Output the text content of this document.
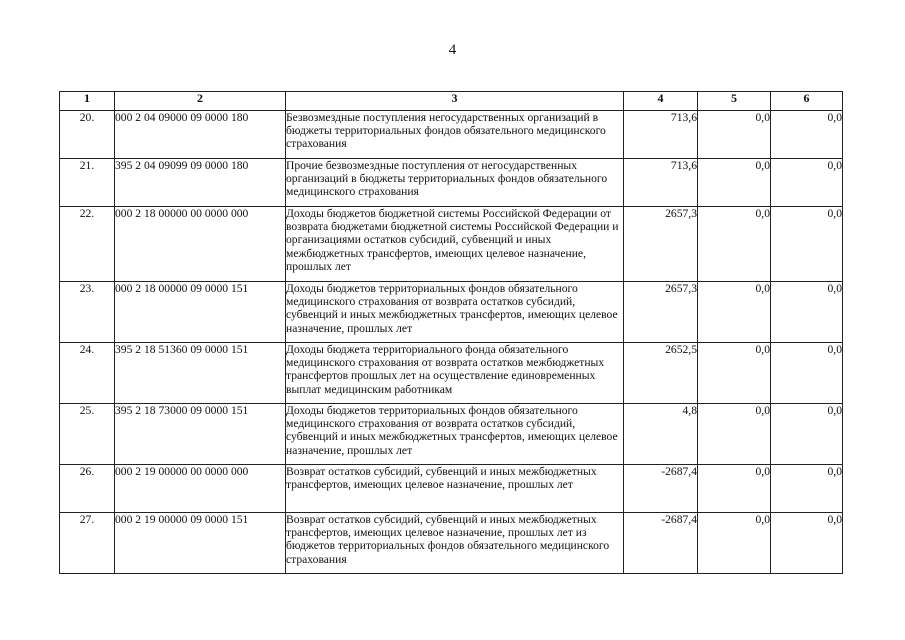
4
1	2	3	4	5	6
20.	000 2 04 09000 09 0000 180	Безвозмездные поступления негосударственных организаций в бюджеты территориальных фондов обязательного медицинского страхования	713,6	0,0	0,0
21.	395 2 04 09099 09 0000 180	Прочие безвозмездные поступления от негосударственных организаций в бюджеты территориальных фондов обязательного медицинского страхования	713,6	0,0	0,0
22.	000 2 18 00000 00 0000 000	Доходы бюджетов бюджетной системы Российской Федерации от возврата бюджетами бюджетной системы Российской Федерации и организациями остатков субсидий, субвенций и иных межбюджетных трансфертов, имеющих целевое назначение, прошлых лет	2657,3	0,0	0,0
23.	000 2 18 00000 09 0000 151	Доходы бюджетов территориальных фондов обязательного медицинского страхования от возврата остатков субсидий, субвенций и иных межбюджетных трансфертов, имеющих целевое назначение, прошлых лет	2657,3	0,0	0,0
24.	395 2 18 51360 09 0000 151	Доходы бюджета территориального фонда обязательного медицинского страхования от возврата остатков межбюджетных трансфертов прошлых лет на осуществление единовременных выплат медицинским работникам	2652,5	0,0	0,0
25.	395 2 18 73000 09 0000 151	Доходы бюджетов территориальных фондов обязательного медицинского страхования от возврата остатков субсидий, субвенций и иных межбюджетных трансфертов, имеющих целевое назначение, прошлых лет	4,8	0,0	0,0
26.	000 2 19 00000 00 0000 000	Возврат остатков субсидий, субвенций и иных межбюджетных трансфертов, имеющих целевое назначение, прошлых лет	-2687,4	0,0	0,0
27.	000 2 19 00000 09 0000 151	Возврат остатков субсидий, субвенций и иных межбюджетных трансфертов, имеющих целевое назначение, прошлых лет из бюджетов территориальных фондов обязательного медицинского страхования	-2687,4	0,0	0,0
